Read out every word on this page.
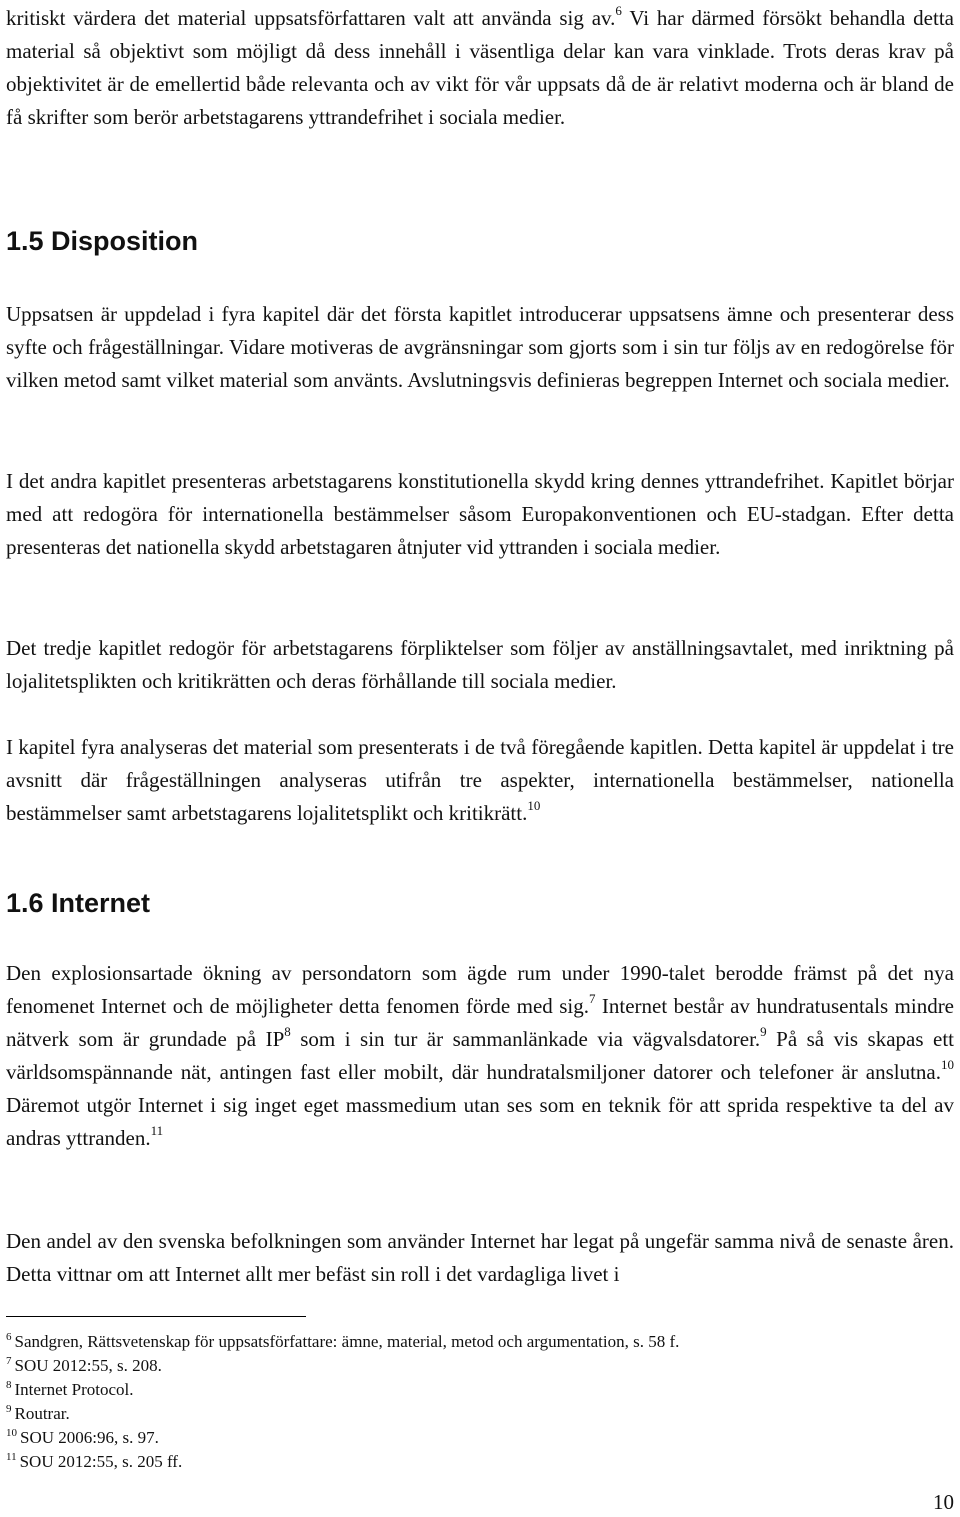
kritiskt värdera det material uppsatsförfattaren valt att använda sig av.$^6$ Vi har därmed försökt behandla detta material så objektivt som möjligt då dess innehåll i väsentliga delar kan vara vinklade. Trots deras krav på objektivitet är de emellertid både relevanta och av vikt för vår uppsats då de är relativt moderna och är bland de få skrifter som berör arbetstagarens yttrandefrihet i sociala medier.

1.5 Disposition

Uppsatsen är uppdelad i fyra kapitel där det första kapitlet introducerar uppsatsens ämne och presenterar dess syfte och frågeställningar. Vidare motiveras de avgränsningar som gjorts som i sin tur följs av en redogörelse för vilken metod samt vilket material som använts. Avslutningsvis definieras begreppen Internet och sociala medier.

I det andra kapitlet presenteras arbetstagarens konstitutionella skydd kring dennes yttrandefrihet. Kapitlet börjar med att redogöra för internationella bestämmelser såsom Europakonventionen och EU-stadgan. Efter detta presenteras det nationella skydd arbetstagaren åtnjuter vid yttranden i sociala medier.

Det tredje kapitlet redogör för arbetstagarens förpliktelser som följer av anställningsavtalet, med inriktning på lojalitetsplikten och kritikrätten och deras förhållande till sociala medier.

I kapitel fyra analyseras det material som presenterats i de två föregående kapitlen. Detta kapitel är uppdelat i tre avsnitt där frågeställningen analyseras utifrån tre aspekter, internationella bestämmelser, nationella bestämmelser samt arbetstagarens lojalitetsplikt och kritikrätt.$^{10}$

1.6 Internet

Den explosionsartade ökning av persondatorn som ägde rum under 1990-talet berodde främst på det nya fenomenet Internet och de möjligheter detta fenomen förde med sig.$^7$ Internet består av hundratusentals mindre nätverk som är grundade på $IP^8$ som i sin tur är sammanlänkade via vägvalsdatorer.$^9$ På så vis skapas ett världsomspännande nät, antingen fast eller mobilt, där hundratalsmiljoner datorer och telefoner är anslutna.$^{10}$ Däremot utgör Internet i sig inget eget massmedium utan ses som en teknik för att sprida respektive ta del av andras yttranden.$^{11}$

Den andel av den svenska befolkningen som använder Internet har legat på ungefär samma nivå de senaste åren. Detta vittnar om att Internet allt mer befäst sin roll i det vardagliga livet i

$^6$ Sandgren, Rättsvetenskap för uppsatsförfattare: ämne, material, metod och argumentation, s. 58 f.

$^7$ SOU 2012:55, s. 208.

$^8$ Internet Protocol.

$^9$ Routrar.

$^{10}$ SOU 2006:96, s. 97.

$^{11}$ SOU 2012:55, s. 205 ff.

10
